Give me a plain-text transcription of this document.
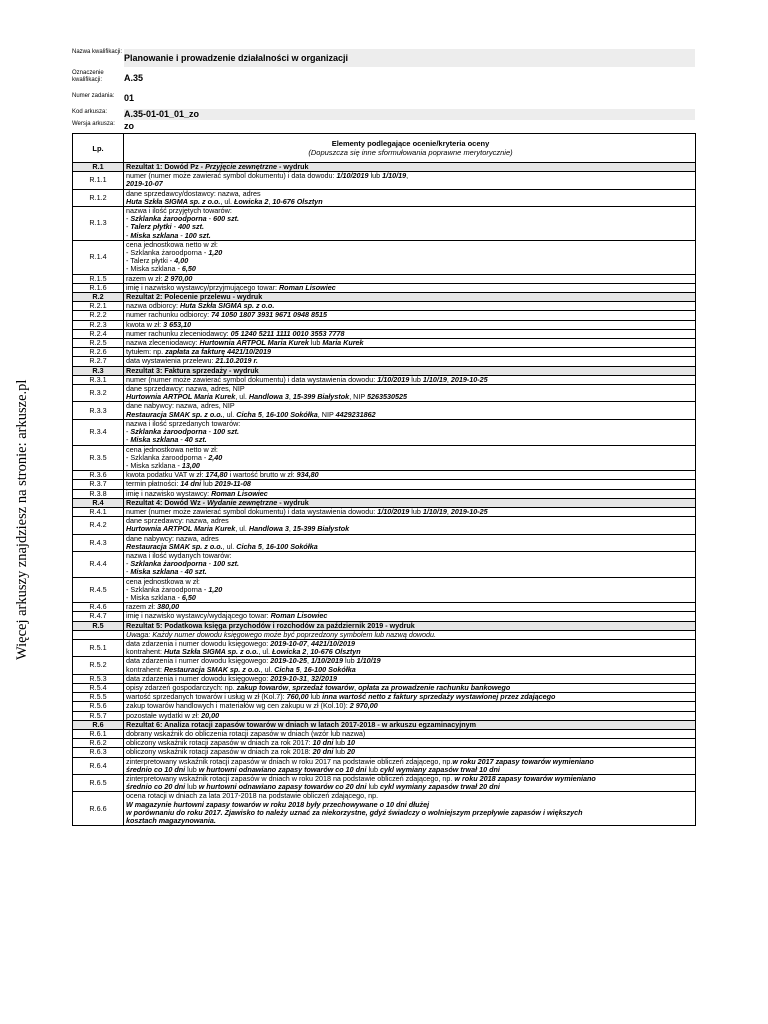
Więcej arkuszy znajdziesz na stronie: arkusze.pl
Nazwa kwalifikacji:
Planowanie i prowadzenie działalności w organizacji
Oznaczenie kwalifikacji:	A.35
Numer zadania:	01
Kod arkusza:	A.35-01-01_01_zo
Wersja arkusza:	zo
Lp.	Elementy podlegające ocenie/kryteria oceny
(Dopuszcza się inne sformułowania poprawne merytorycznie)

R.1	Rezultat 1: Dowód Pz - Przyjęcie zewnętrzne - wydruk

R.1.1	numer (numer może zawierać symbol dokumentu) i data dowodu: 1/10/2019 lub 1/10/19,
2019-10-07

R.1.2	dane sprzedawcy/dostawcy: nazwa, adres
Huta Szkła SIGMA sp. z o.o., ul. Łowicka 2, 10-676 Olsztyn

R.1.3	nazwa i ilość przyjętych towarów:
- Szklanka żaroodporna - 600 szt.
- Talerz płytki - 400 szt.
- Miska szklana - 100 szt.

R.1.4	cena jednostkowa netto w zł:
- Szklanka żaroodporna - 1,20
- Talerz płytki - 4,00
- Miska szklana - 6,50

R.1.5	razem w zł: 2 970,00

R.1.6	imię i nazwisko wystawcy/przyjmującego towar: Roman Lisowiec

R.2	Rezultat 2: Polecenie przelewu - wydruk

R.2.1	nazwa odbiorcy: Huta Szkła SIGMA sp. z o.o.

R.2.2	numer rachunku odbiorcy: 74 1050 1807 3931 9671 0948 8515

R.2.3	kwota w zł: 3 653,10

R.2.4	numer rachunku zleceniodawcy: 05 1240 5211 1111 0010 3553 7778

R.2.5	nazwa zleceniodawcy: Hurtownia ARTPOL Maria Kurek lub Maria Kurek

R.2.6	tytułem: np. zapłata za fakturę 4421/10/2019

R.2.7	data wystawienia przelewu: 21.10.2019 r.

R.3	Rezultat 3: Faktura sprzedaży - wydruk

R.3.1	numer (numer może zawierać symbol dokumentu) i data wystawienia dowodu: 1/10/2019 lub 1/10/19, 2019-10-25

R.3.2	dane sprzedawcy: nazwa, adres, NIP
Hurtownia ARTPOL Maria Kurek, ul. Handlowa 3, 15-399 Białystok, NIP 5263530525

R.3.3	dane nabywcy: nazwa, adres, NIP
Restauracja SMAK sp. z o.o., ul. Cicha 5, 16-100 Sokółka, NIP 4429231862

R.3.4	nazwa i ilość sprzedanych towarów:
- Szklanka żaroodporna - 100 szt.
- Miska szklana - 40 szt.

R.3.5	cena jednostkowa netto w zł:
- Szklanka żaroodporna - 2,40
- Miska szklana - 13,00

R.3.6	kwota podatku VAT w zł: 174,80 i wartość brutto w zł: 934,80

R.3.7	termin płatności: 14 dni lub 2019-11-08

R.3.8	imię i nazwisko wystawcy: Roman Lisowiec

R.4	Rezultat 4: Dowód Wz - Wydanie zewnętrzne - wydruk

R.4.1	numer (numer może zawierać symbol dokumentu) i data wystawienia dowodu: 1/10/2019 lub 1/10/19, 2019-10-25

R.4.2	dane sprzedawcy: nazwa, adres
Hurtownia ARTPOL Maria Kurek, ul. Handlowa 3, 15-399 Białystok

R.4.3	dane nabywcy: nazwa, adres
Restauracja SMAK sp. z o.o., ul. Cicha 5, 16-100 Sokółka

R.4.4	nazwa i ilość wydanych towarów:
- Szklanka żaroodporna - 100 szt.
- Miska szklana - 40 szt.

R.4.5	cena jednostkowa w zł:
- Szklanka żaroodporna - 1,20
- Miska szklana - 6,50

R.4.6	razem zł: 380,00

R.4.7	imię i nazwisko wystawcy/wydającego towar: Roman Lisowiec

R.5	Rezultat 5: Podatkowa księga przychodów i rozchodów za październik 2019 - wydruk

	Uwaga: Każdy numer dowodu księgowego może być poprzedzony symbolem lub nazwą dowodu.

R.5.1	data zdarzenia i numer dowodu księgowego: 2019-10-07, 4421/10/2019
kontrahent: Huta Szkła SIGMA sp. z o.o., ul. Łowicka 2, 10-676 Olsztyn

R.5.2	data zdarzenia i numer dowodu księgowego: 2019-10-25, 1/10/2019 lub 1/10/19
kontrahent: Restauracja SMAK sp. z o.o., ul. Cicha 5, 16-100 Sokółka

R.5.3	data zdarzenia i numer dowodu księgowego: 2019-10-31, 32/2019

R.5.4	opisy zdarzeń gospodarczych: np. zakup towarów, sprzedaż towarów, opłata za prowadzenie rachunku bankowego

R.5.5	wartość sprzedanych towarów i usług w zł (Kol.7): 760,00 lub inna wartość netto z faktury sprzedaży wystawionej przez zdającego

R.5.6	zakup towarów handlowych i materiałów wg cen zakupu w zł (Kol.10): 2 970,00

R.5.7	pozostałe wydatki w zł: 20,00

R.6	Rezultat 6: Analiza rotacji zapasów towarów w dniach w latach 2017-2018 - w arkuszu egzaminacyjnym

R.6.1	dobrany wskaźnik do obliczenia rotacji zapasów w dniach (wzór lub nazwa)

R.6.2	obliczony wskaźnik rotacji zapasów w dniach za rok 2017: 10 dni lub 10

R.6.3	obliczony wskaźnik rotacji zapasów w dniach za rok 2018: 20 dni lub 20

R.6.4	zinterpretowany wskaźnik rotacji zapasów w dniach w roku 2017 na podstawie obliczeń zdającego, np.w roku 2017 zapasy towarów wymieniano
średnio co 10 dni lub w hurtowni odnawiano zapasy towarów co 10 dni lub cykl wymiany zapasów trwał 10 dni

R.6.5	zinterpretowany wskaźnik rotacji zapasów w dniach w roku 2018 na podstawie obliczeń zdającego, np. w roku 2018 zapasy towarów wymieniano
średnio co 20 dni lub w hurtowni odnawiano zapasy towarów co 20 dni lub cykl wymiany zapasów trwał 20 dni

R.6.6	ocena rotacji w dniach za lata 2017-2018 na podstawie obliczeń zdającego, np.
W magazynie hurtowni zapasy towarów w roku 2018 były przechowywane o 10 dni dłużej
w porównaniu do roku 2017. Zjawisko to należy uznać za niekorzystne, gdyż świadczy o wolniejszym przepływie zapasów i większych
kosztach magazynowania.
